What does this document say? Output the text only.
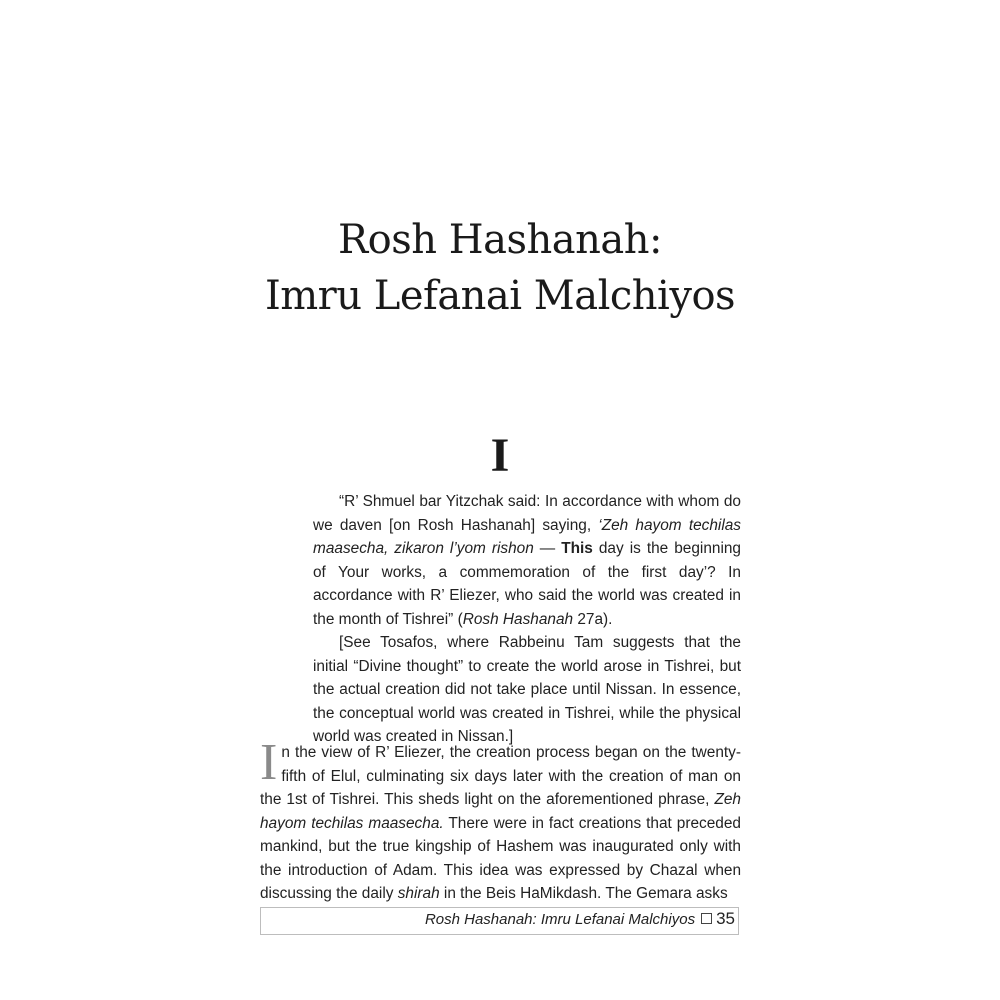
Rosh Hashanah:
Imru Lefanai Malchiyos
I

“R’ Shmuel bar Yitzchak said: In accordance with whom do we daven [on Rosh Hashanah] saying, ‘Zeh hayom techilas maasecha, zikaron l’yom rishon — This day is the beginning of Your works, a commemoration of the first day’? In accordance with R’ Eliezer, who said the world was created in the month of Tishrei” (Rosh Hashanah 27a).

[See Tosafos, where Rabbeinu Tam suggests that the initial “Divine thought” to create the world arose in Tishrei, but the actual creation did not take place until Nissan. In essence, the conceptual world was created in Tishrei, while the physical world was created in Nissan.]

In the view of R’ Eliezer, the creation process began on the twenty-fifth of Elul, culminating six days later with the creation of man on the 1st of Tishrei. This sheds light on the aforementioned phrase, Zeh hayom techilas maasecha. There were in fact creations that preceded mankind, but the true kingship of Hashem was inaugurated only with the introduction of Adam. This idea was expressed by Chazal when discussing the daily shirah in the Beis HaMikdash. The Gemara asks

Rosh Hashanah: Imru Lefanai Malchiyos 35
